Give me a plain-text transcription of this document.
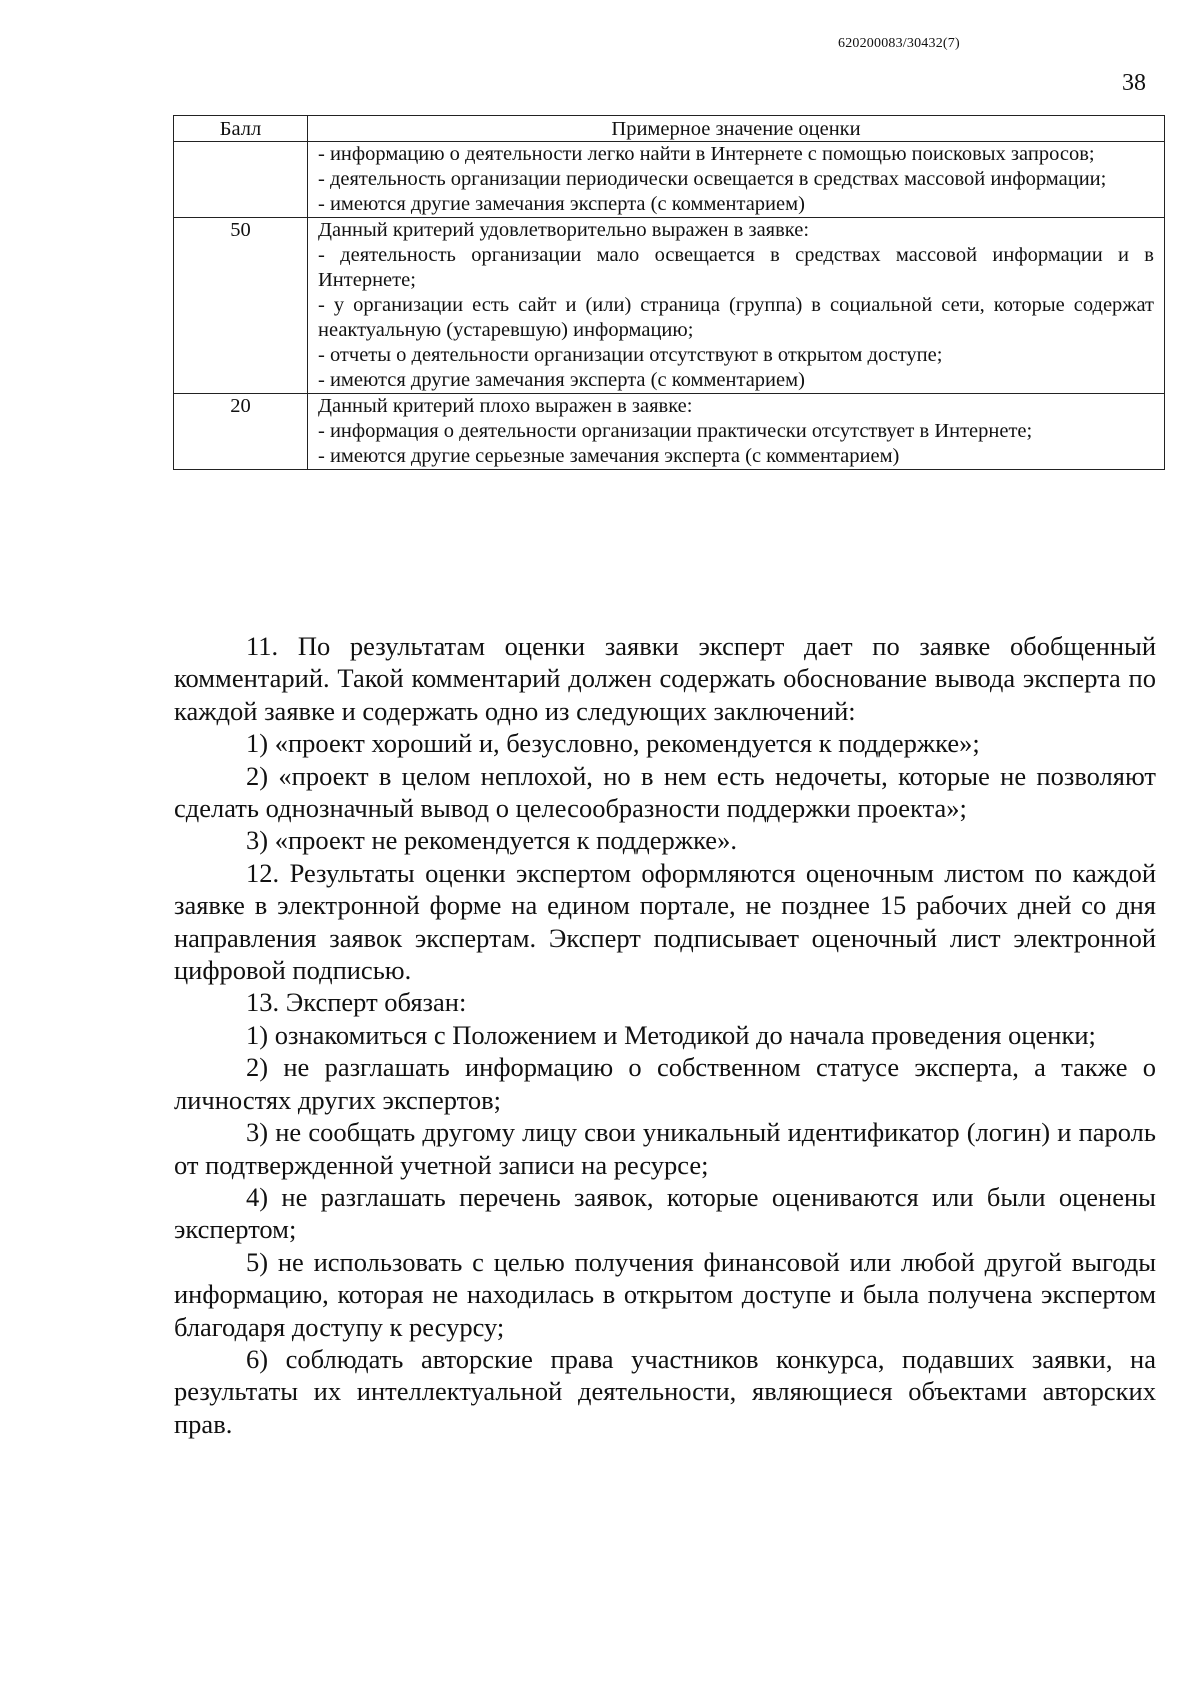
620200083/30432(7)
38
Балл	Примерное значение оценки

	- информацию о деятельности легко найти в Интернете с помощью поисковых запросов;
- деятельность организации периодически освещается в средствах массовой информации;
- имеются другие замечания эксперта (с комментарием)

50	Данный критерий удовлетворительно выражен в заявке:
- деятельность организации мало освещается в средствах массовой информации и в Интернете;
- у организации есть сайт и (или) страница (группа) в социальной сети, которые содержат неактуальную (устаревшую) информацию;
- отчеты о деятельности организации отсутствуют в открытом доступе;
- имеются другие замечания эксперта (с комментарием)

20	Данный критерий плохо выражен в заявке:
- информация о деятельности организации практически отсутствует в Интернете;
- имеются другие серьезные замечания эксперта (с комментарием)

11. По результатам оценки заявки эксперт дает по заявке обобщенный комментарий. Такой комментарий должен содержать обоснование вывода эксперта по каждой заявке и содержать одно из следующих заключений:

1) «проект хороший и, безусловно, рекомендуется к поддержке»;

2) «проект в целом неплохой, но в нем есть недочеты, которые не позволяют сделать однозначный вывод о целесообразности поддержки проекта»;

3) «проект не рекомендуется к поддержке».

12. Результаты оценки экспертом оформляются оценочным листом по каждой заявке в электронной форме на едином портале, не позднее 15 рабочих дней со дня направления заявок экспертам. Эксперт подписывает оценочный лист электронной цифровой подписью.

13. Эксперт обязан:

1) ознакомиться с Положением и Методикой до начала проведения оценки;

2) не разглашать информацию о собственном статусе эксперта, а также о личностях других экспертов;

3) не сообщать другому лицу свои уникальный идентификатор (логин) и пароль от подтвержденной учетной записи на ресурсе;

4) не разглашать перечень заявок, которые оцениваются или были оценены экспертом;

5) не использовать с целью получения финансовой или любой другой выгоды информацию, которая не находилась в открытом доступе и была получена экспертом благодаря доступу к ресурсу;

6) соблюдать авторские права участников конкурса, подавших заявки, на результаты их интеллектуальной деятельности, являющиеся объектами авторских прав.
